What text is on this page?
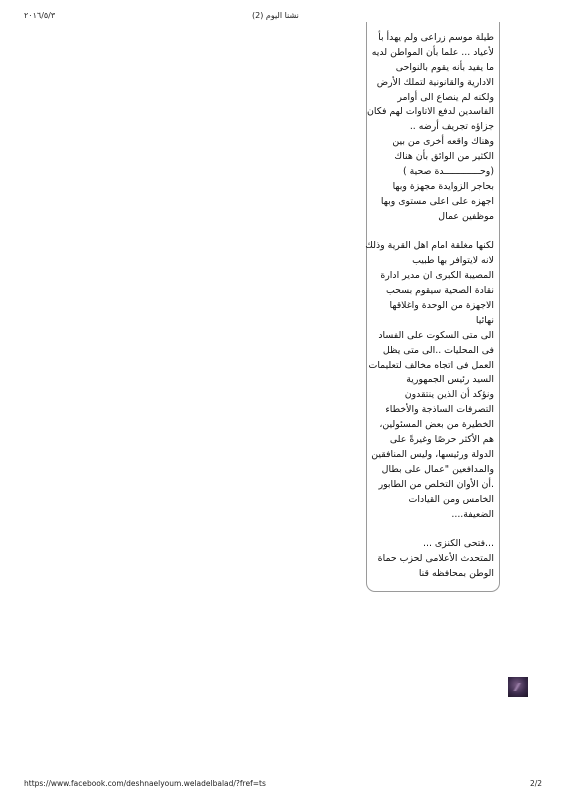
٢٠١٦/٥/٣	نشنا اليوم (2)
طيلة موسم زراعى ولم يهدأ بأ
لأعياد ... علما بأن المواطن لديه
ما يفيد بأنه يقوم بالنواحى
الادارية والقانونية لتملك الأرض
ولكنه لم ينصاع الى أوامر
الفاسدين لدفع الاتاوات لهم فكان
جزاؤه تجريف أرضه ..
وهناك واقعه أخرى من بين
الكثير من الوائق بأن هناك
(وحـــــــــــــدة صحية )
بحاجر الزوايدة مجهزة وبها
اجهزه على اعلى مستوى وبها
موظفين عمال
لكنها مغلقة امام اهل القرية وذلك
لانه لايتوافر بها طبيب
المصيبة الكبرى ان مدير ادارة
نقادة الصحية سيقوم بسحب
الاجهزة من الوحدة واغلاقها
نهائيا
الى متى السكوت على الفساد
فى المحليات ..الى متى يظل
العمل فى اتجاه مخالف لتعليمات
السيد رئيس الجمهورية
ونؤكد أن الذين ينتقدون
التصرفات الساذجة والأخطاء
الخطيرة من بعض المسئولين،
هم الأكثر حرصًا وغيرةً على
الدولة ورئيسها، وليس المنافقين
والمدافعين "عمال على بطال
.أن الأوان التخلص من الطابور
الخامس ومن القيادات
الضعيفة....
...فتحى الكنزى ...
المتحدث الأعلامى لحزب حماة
الوطن بمحافظه قنا
https://www.facebook.com/deshnaelyoum.weladelbalad/?fref=ts	2/2
